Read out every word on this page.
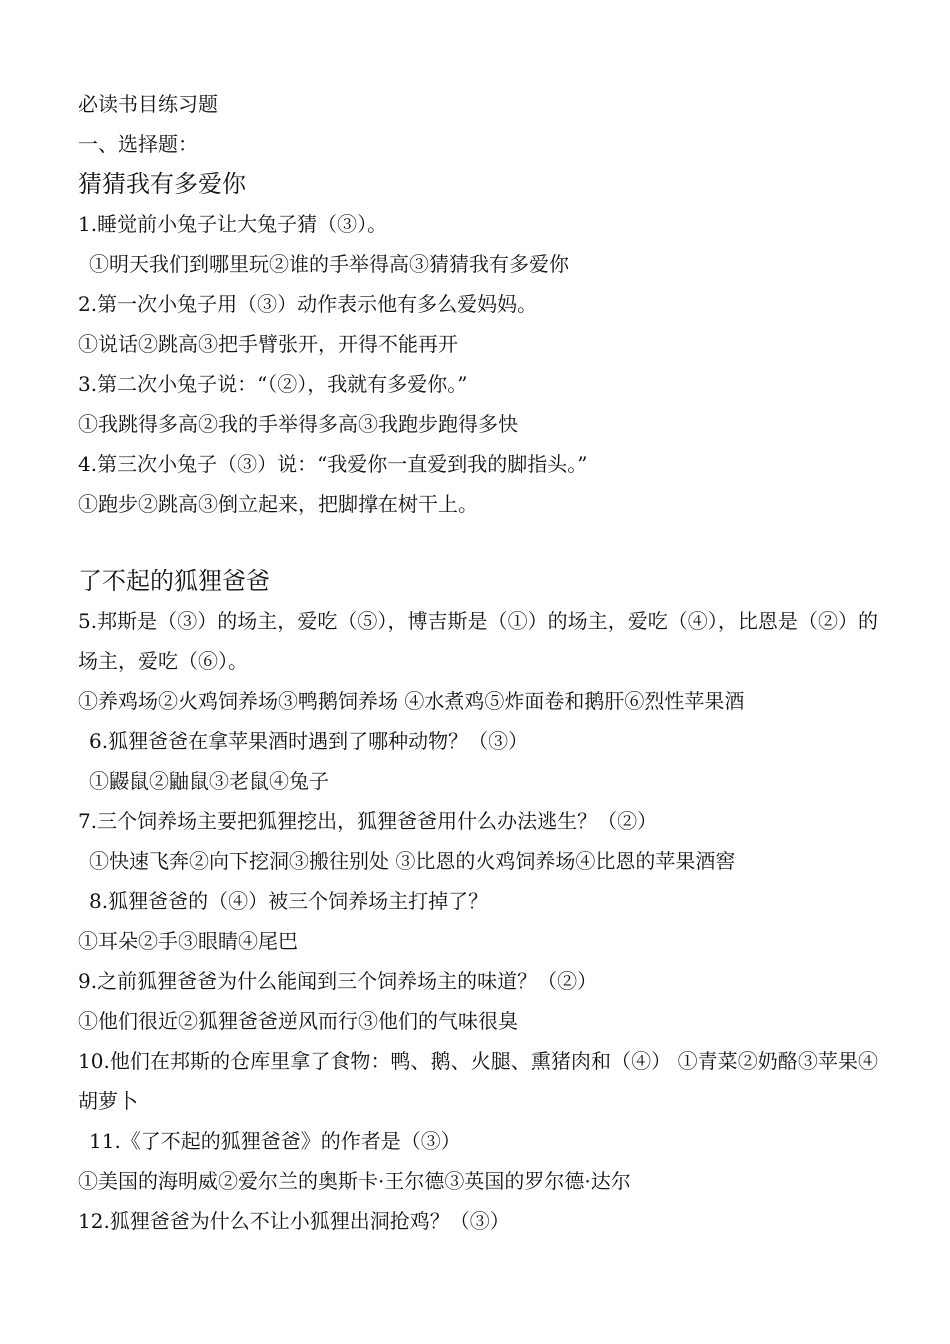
必读书目练习题
一、选择题：
猜猜我有多爱你
1.睡觉前小兔子让大兔子猜（③）。
①明天我们到哪里玩②谁的手举得高③猜猜我有多爱你
2.第一次小兔子用（③）动作表示他有多么爱妈妈。
①说话②跳高③把手臂张开，开得不能再开
3.第二次小兔子说：“（②），我就有多爱你。”
①我跳得多高②我的手举得多高③我跑步跑得多快
4.第三次小兔子（③）说：“我爱你一直爱到我的脚指头。”
①跑步②跳高③倒立起来，把脚撑在树干上。
了不起的狐狸爸爸
5.邦斯是（③）的场主，爱吃（⑤），博吉斯是（①）的场主，爱吃（④），比恩是（②）的场主，爱吃（⑥）。
①养鸡场②火鸡饲养场③鸭鹅饲养场 ④水煮鸡⑤炸面卷和鹅肝⑥烈性苹果酒
6.狐狸爸爸在拿苹果酒时遇到了哪种动物？（③）
①鼹鼠②鼬鼠③老鼠④兔子
7.三个饲养场主要把狐狸挖出，狐狸爸爸用什么办法逃生？（②）
①快速飞奔②向下挖洞③搬往别处 ③比恩的火鸡饲养场④比恩的苹果酒窖
8.狐狸爸爸的（④）被三个饲养场主打掉了？
①耳朵②手③眼睛④尾巴
9.之前狐狸爸爸为什么能闻到三个饲养场主的味道？（②）
①他们很近②狐狸爸爸逆风而行③他们的气味很臭
10.他们在邦斯的仓库里拿了食物：鸭、鹅、火腿、熏猪肉和（④） ①青菜②奶酪③苹果④胡萝卜
11.《了不起的狐狸爸爸》的作者是（③）
①美国的海明威②爱尔兰的奥斯卡·王尔德③英国的罗尔德·达尔
12.狐狸爸爸为什么不让小狐狸出洞抢鸡？（③）
